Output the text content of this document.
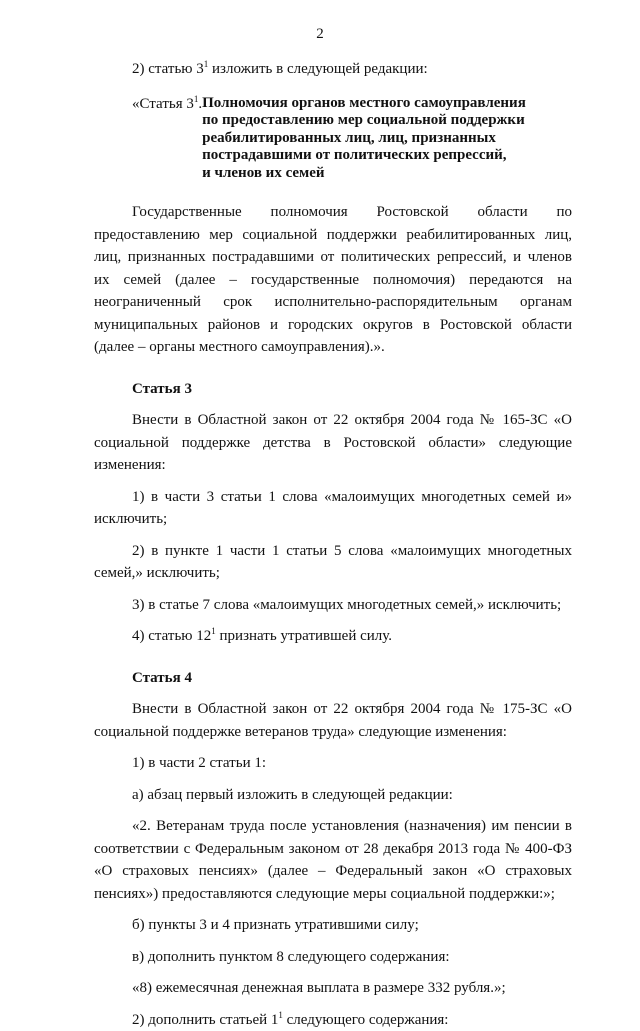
2

2) статью $3^1$ изложить в следующей редакции:

«Статья $3^1$. Полномочия органов местного самоуправления
по предоставлению мер социальной поддержки
реабилитированных лиц, лиц, признанных
пострадавшими от политических репрессий,
и членов их семей

Государственные полномочия Ростовской области по предоставлению мер социальной поддержки реабилитированных лиц, лиц, признанных пострадавшими от политических репрессий, и членов их семей (далее – государственные полномочия) передаются на неограниченный срок исполнительно-распорядительным органам муниципальных районов и городских округов в Ростовской области (далее – органы местного самоуправления).».

Статья 3

Внести в Областной закон от 22 октября 2004 года № 165-ЗС «О социальной поддержке детства в Ростовской области» следующие изменения:

1) в части 3 статьи 1 слова «малоимущих многодетных семей и» исключить;

2) в пункте 1 части 1 статьи 5 слова «малоимущих многодетных семей,» исключить;

3) в статье 7 слова «малоимущих многодетных семей,» исключить;

4) статью $12^1$ признать утратившей силу.

Статья 4

Внести в Областной закон от 22 октября 2004 года № 175-ЗС «О социальной поддержке ветеранов труда» следующие изменения:

1) в части 2 статьи 1:

а) абзац первый изложить в следующей редакции:

«2. Ветеранам труда после установления (назначения) им пенсии в соответствии с Федеральным законом от 28 декабря 2013 года № 400-ФЗ «О страховых пенсиях» (далее – Федеральный закон «О страховых пенсиях») предоставляются следующие меры социальной поддержки:»;

б) пункты 3 и 4 признать утратившими силу;

в) дополнить пунктом 8 следующего содержания:

«8) ежемесячная денежная выплата в размере 332 рубля.»;

2) дополнить статьей $1^1$ следующего содержания:
